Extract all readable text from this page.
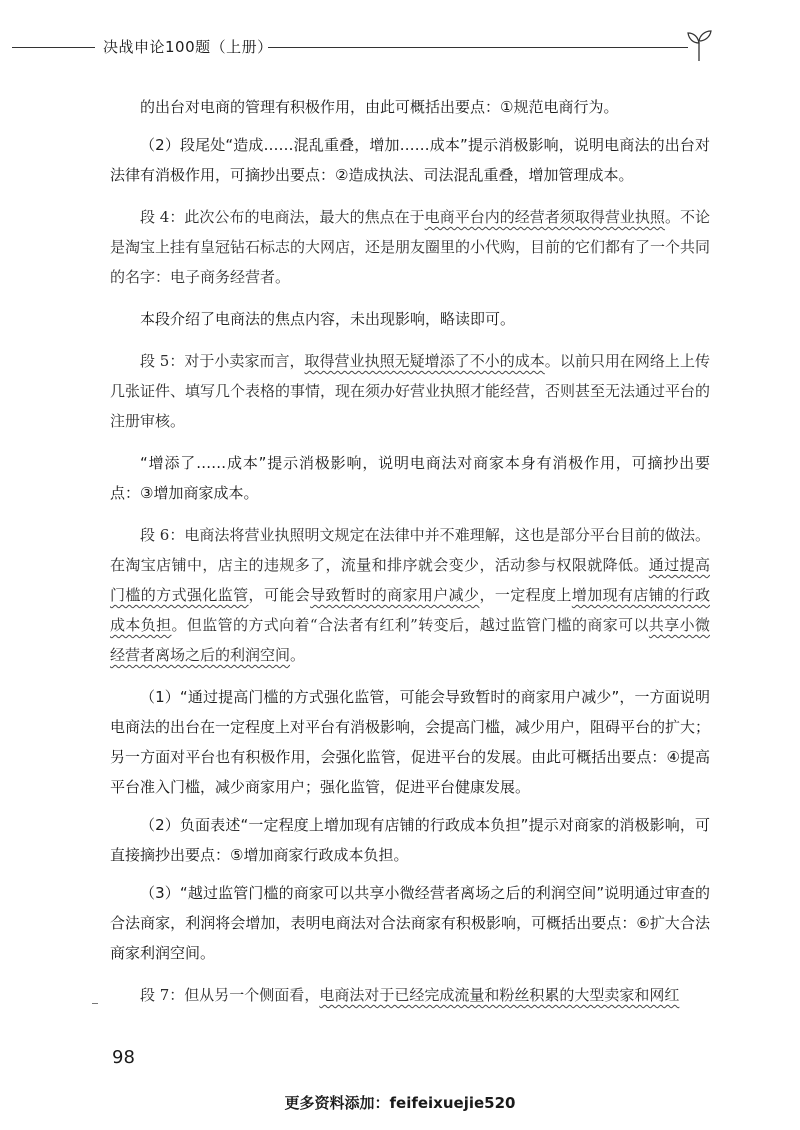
决战申论100题（上册）

的出台对电商的管理有积极作用，由此可概括出要点：①规范电商行为。

（2）段尾处“造成……混乱重叠，增加……成本”提示消极影响，说明电商法的出台对法律有消极作用，可摘抄出要点：②造成执法、司法混乱重叠，增加管理成本。

段 4：此次公布的电商法，最大的焦点在于电商平台内的经营者须取得营业执照。不论是淘宝上挂有皇冠钻石标志的大网店，还是朋友圈里的小代购，目前的它们都有了一个共同的名字：电子商务经营者。

本段介绍了电商法的焦点内容，未出现影响，略读即可。

段 5：对于小卖家而言，取得营业执照无疑增添了不小的成本。以前只用在网络上上传几张证件、填写几个表格的事情，现在须办好营业执照才能经营，否则甚至无法通过平台的注册审核。

“增添了……成本”提示消极影响，说明电商法对商家本身有消极作用，可摘抄出要点：③增加商家成本。

段 6：电商法将营业执照明文规定在法律中并不难理解，这也是部分平台目前的做法。在淘宝店铺中，店主的违规多了，流量和排序就会变少，活动参与权限就降低。通过提高门槛的方式强化监管，可能会导致暂时的商家用户减少，一定程度上增加现有店铺的行政成本负担。但监管的方式向着“合法者有红利”转变后，越过监管门槛的商家可以共享小微经营者离场之后的利润空间。

（1）“通过提高门槛的方式强化监管，可能会导致暂时的商家用户减少”，一方面说明电商法的出台在一定程度上对平台有消极影响，会提高门槛，减少用户，阻碍平台的扩大；另一方面对平台也有积极作用，会强化监管，促进平台的发展。由此可概括出要点：④提高平台准入门槛，减少商家用户；强化监管，促进平台健康发展。

（2）负面表述“一定程度上增加现有店铺的行政成本负担”提示对商家的消极影响，可直接摘抄出要点：⑤增加商家行政成本负担。

（3）“越过监管门槛的商家可以共享小微经营者离场之后的利润空间”说明通过审查的合法商家，利润将会增加，表明电商法对合法商家有积极影响，可概括出要点：⑥扩大合法商家利润空间。

段 7：但从另一个侧面看，电商法对于已经完成流量和粉丝积累的大型卖家和网红

98
更多资料添加：feifeixuejie520
